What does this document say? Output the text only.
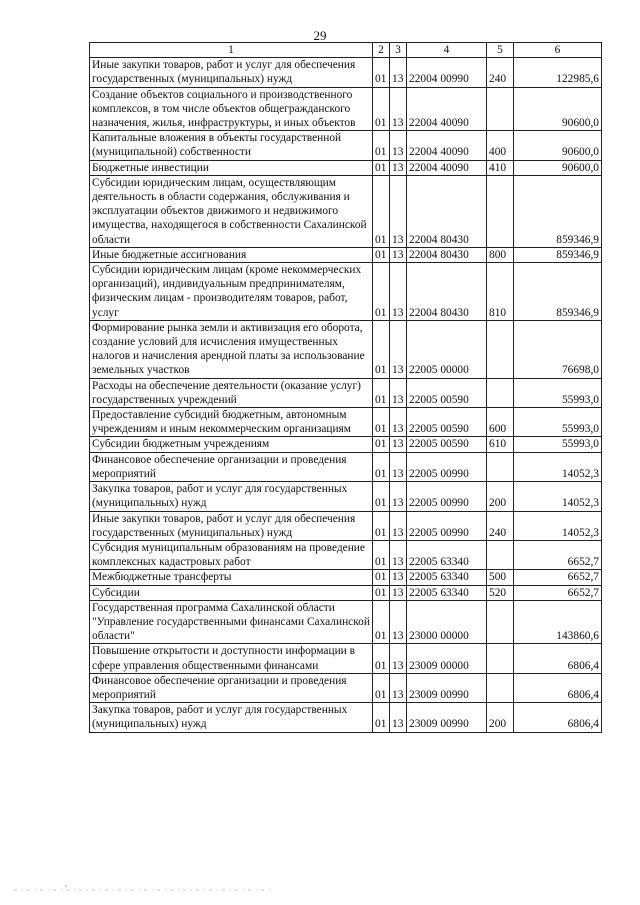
29
1	2	3	4	5	6
Иные закупки товаров, работ и услуг для обеспечения государственных (муниципальных) нужд	01	13	22004 00990	240	122985,6
Создание объектов социального и производственного комплексов, в том числе объектов общегражданского назначения, жилья, инфраструктуры, и иных объектов	01	13	22004 40090		90600,0
Капитальные вложения в объекты государственной (муниципальной) собственности	01	13	22004 40090	400	90600,0
Бюджетные инвестиции	01	13	22004 40090	410	90600,0
Субсидии юридическим лицам, осуществляющим деятельность в области содержания, обслуживания и эксплуатации объектов движимого и недвижимого имущества, находящегося в собственности Сахалинской области	01	13	22004 80430		859346,9
Иные бюджетные ассигнования	01	13	22004 80430	800	859346,9
Субсидии юридическим лицам (кроме некоммерческих организаций), индивидуальным предпринимателям, физическим лицам - производителям товаров, работ, услуг	01	13	22004 80430	810	859346,9
Формирование рынка земли и активизация его оборота, создание условий для исчисления имущественных налогов и начисления арендной платы за использование земельных участков	01	13	22005 00000		76698,0
Расходы на обеспечение деятельности (оказание услуг) государственных учреждений	01	13	22005 00590		55993,0
Предоставление субсидий бюджетным, автономным учреждениям и иным некоммерческим организациям	01	13	22005 00590	600	55993,0
Субсидии бюджетным учреждениям	01	13	22005 00590	610	55993,0
Финансовое обеспечение организации и проведения мероприятий	01	13	22005 00990		14052,3
Закупка товаров, работ и услуг для государственных (муниципальных) нужд	01	13	22005 00990	200	14052,3
Иные закупки товаров, работ и услуг для обеспечения государственных (муниципальных) нужд	01	13	22005 00990	240	14052,3
Субсидия муниципальным образованиям на проведение комплексных кадастровых работ	01	13	22005 63340		6652,7
Межбюджетные трансферты	01	13	22005 63340	500	6652,7
Субсидии	01	13	22005 63340	520	6652,7
Государственная программа Сахалинской области "Управление государственными финансами Сахалинской области"	01	13	23000 00000		143860,6
Повышение открытости и доступности информации в сфере управления общественными финансами	01	13	23009 00000		6806,4
Финансовое обеспечение организации и проведения мероприятий	01	13	23009 00990		6806,4
Закупка товаров, работ и услуг для государственных (муниципальных) нужд	01	13	23009 00990	200	6806,4
